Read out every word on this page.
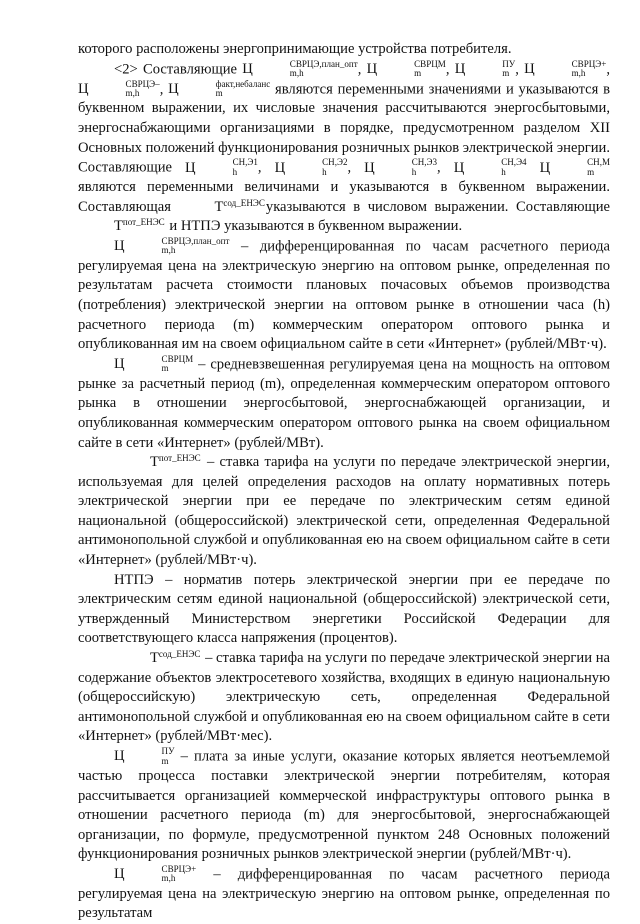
которого расположены энергопринимающие устройства потребителя.

<2> Составляющие Ц	СВРЦЭ,план_опт
m,h	, Ц	СВРЦМ
m	, Ц	ПУ
m , Ц	СВРЦЭ+
m,h	, Ц	СВРЦЭ–
m,h	, Ц	факт,небаланс
m	являются переменными значениями и указываются в буквенном выражении, их числовые значения рассчитываются энергосбытовыми, энергоснабжающими организациями в порядке, предусмотренном разделом XII Основных положений функционирования розничных рынков электрической энергии. Составляющие Ц	СН,Э1
h	, Ц	СН,Э2
h	, Ц	СН,Э3
h	, Ц	СН,Э4
h	Ц	СН,М
m
являются переменными величинами и указываются в буквенном выражении. Составляющая $Т^{сод\_ЕНЭС}указываются$ в числовом выражении. Составляющие $Т^{пот\_ЕНЭС}$ и НТПЭ указываются в буквенном выражении.

Ц	СВРЦЭ,план_опт
m,h	– дифференцированная по часам расчетного периода регулируемая цена на электрическую энергию на оптовом рынке, определенная по результатам расчета стоимости плановых почасовых объемов производства (потребления) электрической энергии на оптовом рынке в отношении часа (h) расчетного периода (m) коммерческим оператором оптового рынка и опубликованная им на своем официальном сайте в сети «Интернет» (рублей/МВт·ч).

Ц	СВРЦМ
m	– средневзвешенная регулируемая цена на мощность на оптовом рынке за расчетный период (m), определенная коммерческим оператором оптового рынка в отношении энергосбытовой, энергоснабжающей организации, и опубликованная коммерческим оператором оптового рынка на своем официальном сайте в сети «Интернет» (рублей/МВт).

$Т^{пот\_ЕНЭС}$ – ставка тарифа на услуги по передаче электрической энергии, используемая для целей определения расходов на оплату нормативных потерь электрической энергии при ее передаче по электрическим сетям единой национальной (общероссийской) электрической сети, определенная Федеральной антимонопольной службой и опубликованная ею на своем официальном сайте в сети «Интернет» (рублей/МВт·ч).

НТПЭ – норматив потерь электрической энергии при ее передаче по электрическим сетям единой национальной (общероссийской) электрической сети, утвержденный Министерством энергетики Российской Федерации для соответствующего класса напряжения (процентов).

$Т^{сод\_ЕНЭС}$ – ставка тарифа на услуги по передаче электрической энергии на содержание объектов электросетевого хозяйства, входящих в единую национальную (общероссийскую) электрическую сеть, определенная Федеральной антимонопольной службой и опубликованная ею на своем официальном сайте в сети «Интернет» (рублей/МВт·мес).

Ц	ПУ
m – плата за иные услуги, оказание которых является неотъемлемой частью процесса поставки электрической энергии потребителям, которая рассчитывается организацией коммерческой инфраструктуры оптового рынка в отношении расчетного периода (m) для энергосбытовой, энергоснабжающей организации, по формуле, предусмотренной пунктом 248 Основных положений функционирования розничных рынков электрической энергии (рублей/МВт·ч).

Ц	СВРЦЭ+
m,h	– дифференцированная по часам расчетного периода регулируемая цена на электрическую энергию на оптовом рынке, определенная по результатам
